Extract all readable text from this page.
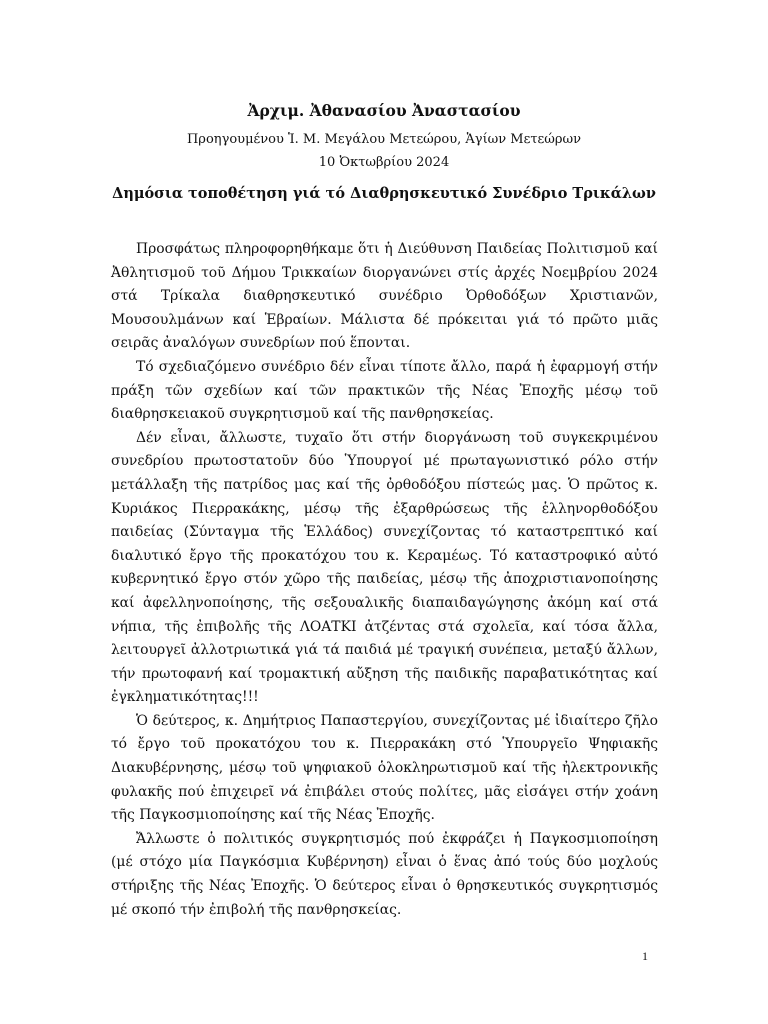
Ἀρχιμ. Ἀθανασίου Ἀναστασίου
Προηγουμένου Ἱ. Μ. Μεγάλου Μετεώρου, Ἁγίων Μετεώρων
10 Ὀκτωβρίου 2024
Δημόσια τοποθέτηση γιά τό Διαθρησκευτικό Συνέδριο Τρικάλων

Προσφάτως πληροφορηθήκαμε ὅτι ἡ Διεύθυνση Παιδείας Πολιτισμοῦ καί Ἀθλητισμοῦ τοῦ Δήμου Τρικκαίων διοργανώνει στίς ἀρχές Νοεμβρίου 2024 στά Τρίκαλα διαθρησκευτικό συνέδριο Ὀρθοδόξων Χριστιανῶν, Μουσουλμάνων καί Ἑβραίων. Μάλιστα δέ πρόκειται γιά τό πρῶτο μιᾶς σειρᾶς ἀναλόγων συνεδρίων πού ἕπονται.

Τό σχεδιαζόμενο συνέδριο δέν εἶναι τίποτε ἄλλο, παρά ἡ ἐφαρμογή στήν πράξη τῶν σχεδίων καί τῶν πρακτικῶν τῆς Νέας Ἐποχῆς μέσῳ τοῦ διαθρησκειακοῦ συγκρητισμοῦ καί τῆς πανθρησκείας.

Δέν εἶναι, ἄλλωστε, τυχαῖο ὅτι στήν διοργάνωση τοῦ συγκεκριμένου συνεδρίου πρωτοστατοῦν δύο Ὑπουργοί μέ πρωταγωνιστικό ρόλο στήν μετάλλαξη τῆς πατρίδος μας καί τῆς ὀρθοδόξου πίστεώς μας. Ὁ πρῶτος κ. Κυριάκος Πιερρακάκης, μέσῳ τῆς ἐξαρθρώσεως τῆς ἑλληνορθοδόξου παιδείας (Σύνταγμα τῆς Ἑλλάδος) συνεχίζοντας τό καταστρεπτικό καί διαλυτικό ἔργο τῆς προκατόχου του κ. Κεραμέως. Τό καταστροφικό αὐτό κυβερνητικό ἔργο στόν χῶρο τῆς παιδείας, μέσῳ τῆς ἀποχριστιανοποίησης καί ἀφελληνοποίησης, τῆς σεξουαλικῆς διαπαιδαγώγησης ἀκόμη καί στά νήπια, τῆς ἐπιβολῆς τῆς ΛΟΑΤΚΙ ἀτζέντας στά σχολεῖα, καί τόσα ἄλλα, λειτουργεῖ ἀλλοτριωτικά γιά τά παιδιά μέ τραγική συνέπεια, μεταξύ ἄλλων, τήν πρωτοφανή καί τρομακτική αὔξηση τῆς παιδικῆς παραβατικότητας καί ἐγκληματικότητας!!!

Ὁ δεύτερος, κ. Δημήτριος Παπαστεργίου, συνεχίζοντας μέ ἰδιαίτερο ζῆλο τό ἔργο τοῦ προκατόχου του κ. Πιερρακάκη στό Ὑπουργεῖο Ψηφιακῆς Διακυβέρνησης, μέσῳ τοῦ ψηφιακοῦ ὁλοκληρωτισμοῦ καί τῆς ἠλεκτρονικῆς φυλακῆς πού ἐπιχειρεῖ νά ἐπιβάλει στούς πολίτες, μᾶς εἰσάγει στήν χοάνη τῆς Παγκοσμιοποίησης καί τῆς Νέας Ἐποχῆς.

Ἄλλωστε ὁ πολιτικός συγκρητισμός πού ἐκφράζει ἡ Παγκοσμιοποίηση (μέ στόχο μία Παγκόσμια Κυβέρνηση) εἶναι ὁ ἕνας ἀπό τούς δύο μοχλούς στήριξης τῆς Νέας Ἐποχῆς. Ὁ δεύτερος εἶναι ὁ θρησκευτικός συγκρητισμός μέ σκοπό τήν ἐπιβολή τῆς πανθρησκείας.

1
